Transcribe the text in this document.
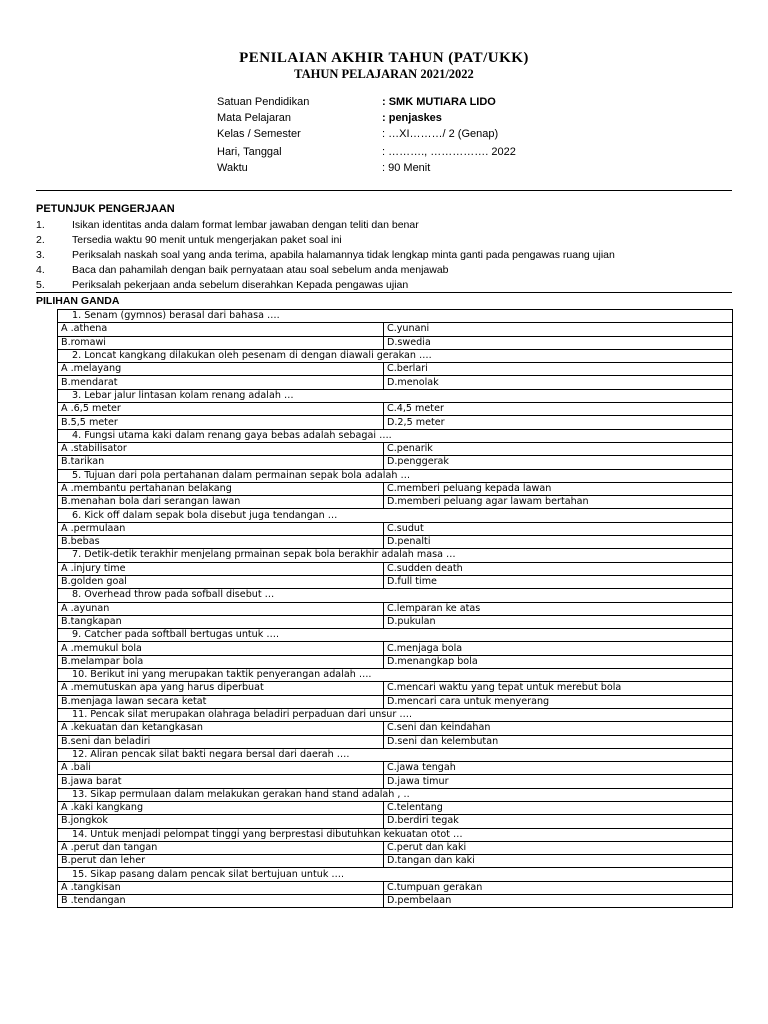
PENILAIAN AKHIR TAHUN (PAT/UKK)
TAHUN PELAJARAN 2021/2022
Satuan Pendidikan	: SMK MUTIARA LIDO
Mata Pelajaran	: penjaskes
Kelas / Semester	: …XI………/ 2 (Genap)
Hari, Tanggal	: ………., ……………. 2022
Waktu	: 90 Menit
PETUNJUK PENGERJAAN
1.	Isikan identitas anda dalam format lembar jawaban dengan teliti dan benar
2.	Tersedia waktu 90 menit untuk mengerjakan paket soal ini
3.	Periksalah naskah soal yang anda terima, apabila halamannya tidak lengkap minta ganti pada pengawas ruang ujian
4.	Baca dan pahamilah dengan baik pernyataan atau soal sebelum anda menjawab
5.	Periksalah pekerjaan anda sebelum diserahkan Kepada pengawas ujian
PILIHAN GANDA
1. Senam (gymnos) berasal dari bahasa ….	
A .athena	C.yunani
B.romawi	D.swedia
2. Loncat kangkang dilakukan oleh pesenam di dengan diawali gerakan ….	
A .melayang	C.berlari
B.mendarat	D.menolak
3. Lebar jalur lintasan kolam renang adalah …	
A .6,5 meter	C.4,5 meter
B.5,5 meter	D.2,5 meter
4. Fungsi utama kaki dalam renang gaya bebas adalah sebagai ….	
A .stabilisator	C.penarik
B.tarikan	D.penggerak
5. Tujuan dari pola pertahanan dalam permainan sepak bola adalah …	
A .membantu pertahanan belakang	C.memberi peluang kepada lawan
B.menahan bola dari serangan lawan	D.memberi peluang agar lawam bertahan
6. Kick off dalam sepak bola disebut juga tendangan …	
A .permulaan	C.sudut
B.bebas	D.penalti
7. Detik-detik terakhir menjelang prmainan sepak bola berakhir adalah masa …	
A .injury time	C.sudden death
B.golden goal	D.full time
8. Overhead throw pada sofball disebut …	
A .ayunan	C.lemparan ke atas
B.tangkapan	D.pukulan
9. Catcher pada softball bertugas untuk ….	
A .memukul bola	C.menjaga bola
B.melampar bola	D.menangkap bola
10. Berikut ini yang merupakan taktik penyerangan adalah ….	
A .memutuskan apa yang harus diperbuat	C.mencari waktu yang tepat untuk merebut bola
B.menjaga lawan secara ketat	D.mencari cara untuk menyerang
11. Pencak silat merupakan olahraga beladiri perpaduan dari unsur ….	
A .kekuatan dan ketangkasan	C.seni dan keindahan
B.seni dan beladiri	D.seni dan kelembutan
12. Aliran pencak silat bakti negara bersal dari daerah ….	
A .bali	C.jawa tengah
B.jawa barat	D.jawa timur
13. Sikap permulaan dalam melakukan gerakan hand stand adalah , ..	
A .kaki kangkang	C.telentang
B.jongkok	D.berdiri tegak
14. Untuk menjadi pelompat tinggi yang berprestasi dibutuhkan kekuatan otot …	
A .perut dan tangan	C.perut dan kaki
B.perut dan leher	D.tangan dan kaki
15. Sikap pasang dalam pencak silat bertujuan untuk ….	
A .tangkisan	C.tumpuan gerakan
B .tendangan	D.pembelaan
